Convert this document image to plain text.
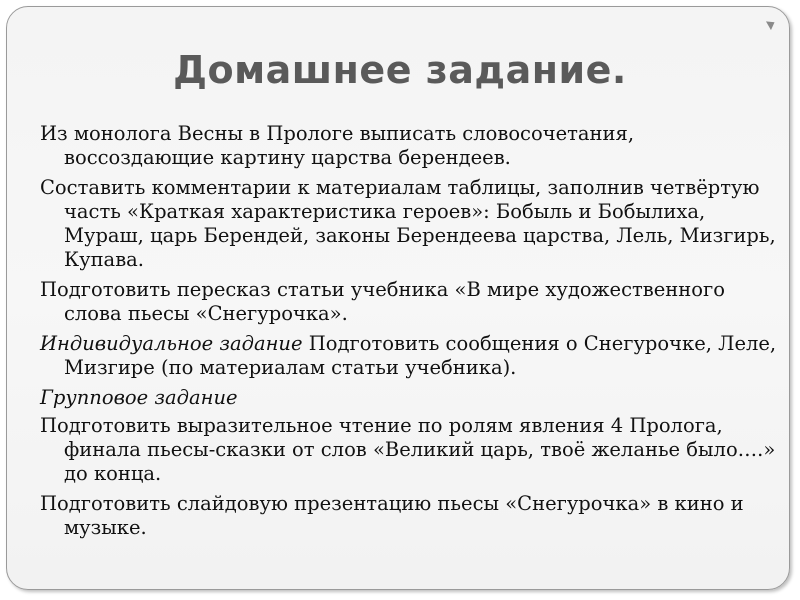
Домашнее задание.

Из монолога Весны в Прологе выписать словосочетания, воссоздающие картину царства берендеев.

Составить комментарии к материалам таблицы, заполнив четвёртую часть «Краткая характеристика героев»: Бобыль и Бобылиха, Мураш, царь Берендей, законы Берендеева царства, Лель, Мизгирь, Купава.

Подготовить пересказ статьи учебника «В мире художественного слова пьесы «Снегурочка».

Индивидуальное задание Подготовить сообщения о Снегурочке, Леле, Мизгире (по материалам статьи учебника).

Групповое задание

Подготовить выразительное чтение по ролям явления 4 Пролога, финала пьесы-сказки от слов «Великий царь, твоё желанье было….» до конца.

Подготовить слайдовую презентацию пьесы «Снегурочка» в кино и музыке.
